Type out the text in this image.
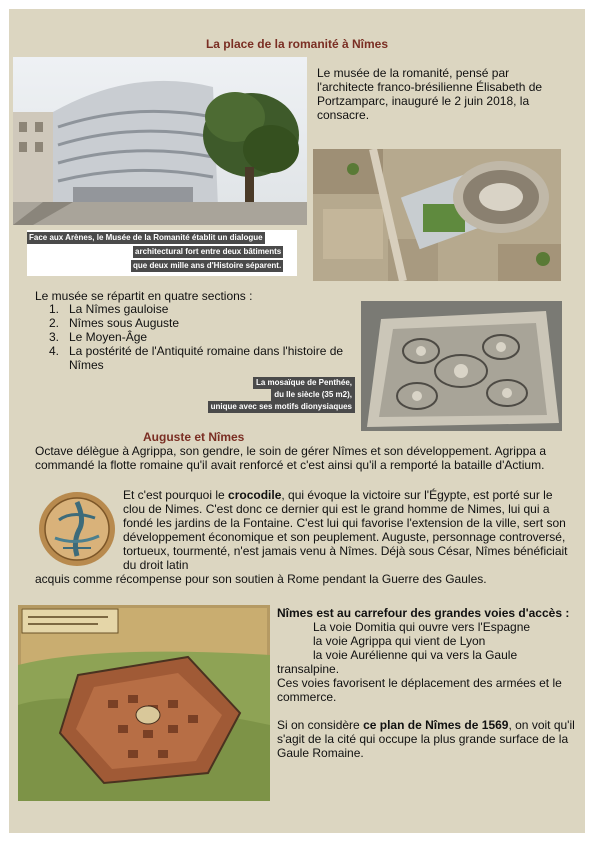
La place de la romanité à Nîmes
Le musée de la romanité, pensé par l'architecte franco-brésilienne Élisabeth de Portzamparc, inauguré le 2 juin 2018, la consacre.
Face aux Arènes, le Musée de la Romanité établit un dialogue
architectural fort entre deux bâtiments
que deux mille ans d'Histoire séparent.
Le musée se répartit en quatre sections :
1. La Nîmes gauloise
2. Nîmes sous Auguste
3. Le Moyen-Âge
4. La postérité de l'Antiquité romaine dans l'histoire de Nîmes
La mosaïque de Penthée,
du IIe siècle (35 m2),
unique avec ses motifs dionysiaques
Auguste et Nîmes
Octave délègue à Agrippa, son gendre, le soin de gérer Nîmes et son développement. Agrippa a commandé la flotte romaine qu'il avait renforcé et c'est ainsi qu'il a remporté la bataille d'Actium.
Et c'est pourquoi le crocodile, qui évoque la victoire sur l'Égypte, est porté sur le clou de Nimes. C'est donc ce dernier qui est le grand homme de Nimes, lui qui a fondé les jardins de la Fontaine. C'est lui qui favorise l'extension de la ville, sert son développement économique et son peuplement. Auguste, personnage controversé, tortueux, tourmenté, n'est jamais venu à Nîmes. Déjà sous César, Nîmes bénéficiait du droit latin
acquis comme récompense pour son soutien à Rome pendant la Guerre des Gaules.
Nîmes est au carrefour des grandes voies d'accès :
La voie Domitia qui ouvre vers l'Espagne
la voie Agrippa qui vient de Lyon
la voie Aurélienne qui va vers la Gaule
transalpine.
Ces voies favorisent le déplacement des armées et le commerce.
Si on considère ce plan de Nîmes de 1569, on voit qu'il s'agit de la cité qui occupe la plus grande surface de la Gaule Romaine.
